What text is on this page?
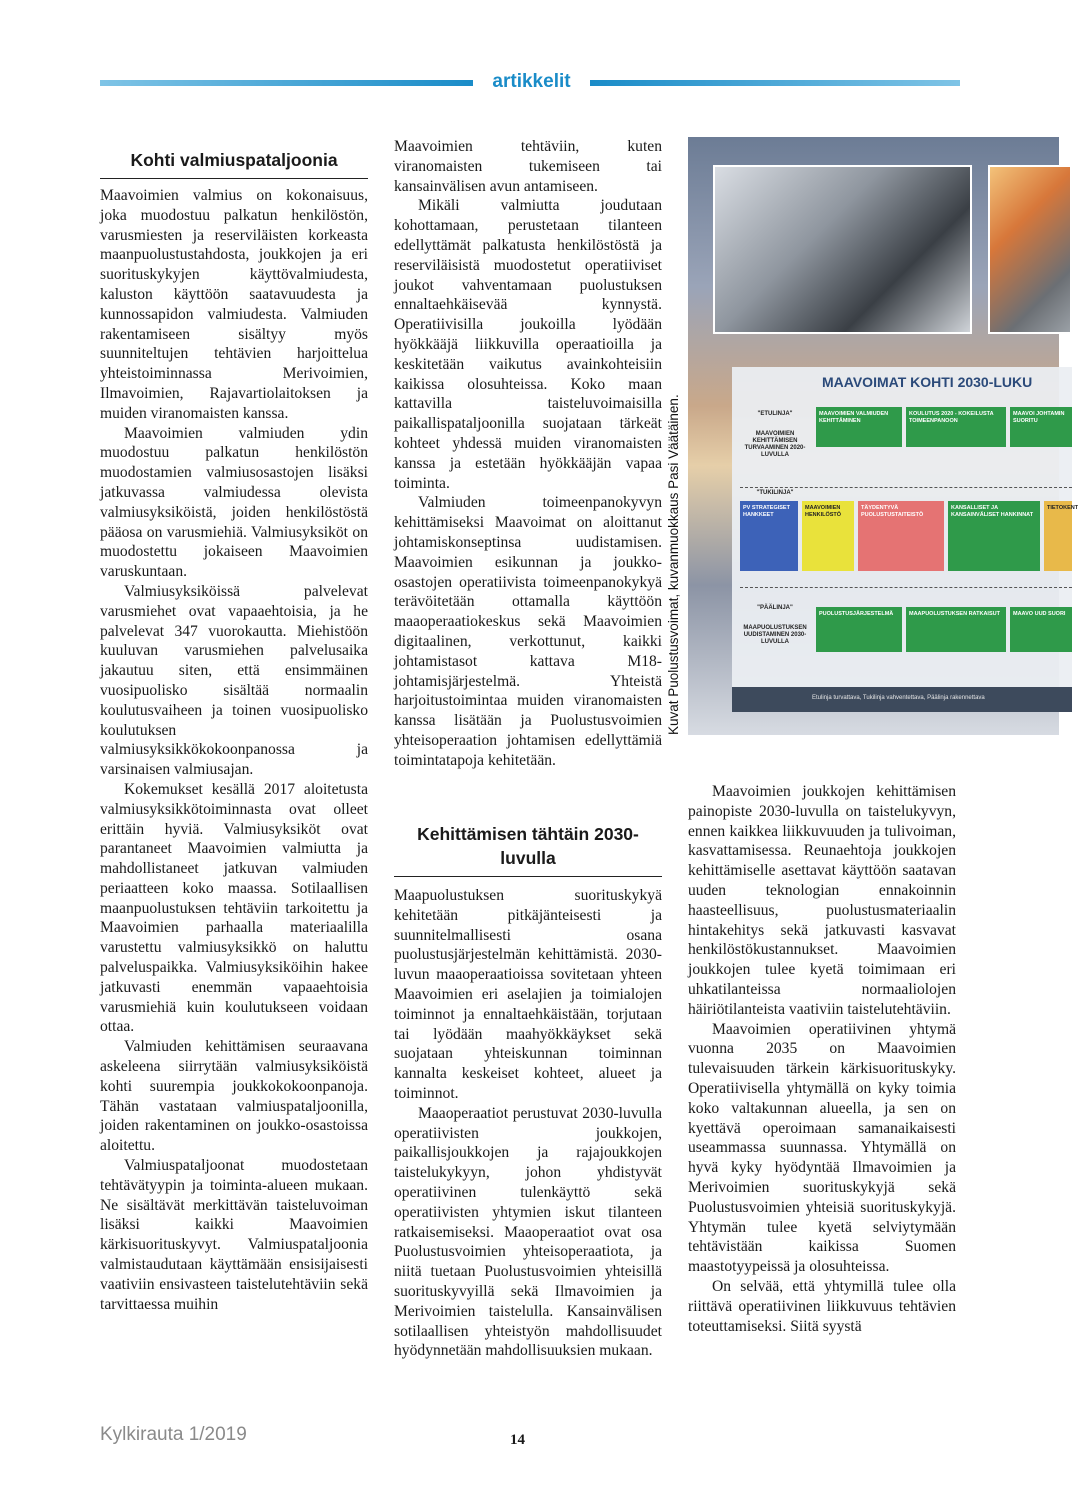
artikkelit
Kohti valmiuspataljoonia

Maavoimien valmius on kokonaisuus, joka muodostuu palkatun henkilöstön, varusmiesten ja reserviläisten korkeasta maanpuolustustahdosta, joukkojen ja eri suorituskykyjen käyttövalmiudesta, kaluston käyttöön saatavuudesta ja kunnossapidon valmiudesta. Valmiuden rakentamiseen sisältyy myös suunniteltujen tehtävien harjoittelua yhteistoiminnassa Merivoimien, Ilmavoimien, Rajavartiolaitoksen ja muiden viranomaisten kanssa.

Maavoimien valmiuden ydin muodostuu palkatun henkilöstön muodostamien valmiusosastojen lisäksi jatkuvassa valmiudessa olevista valmiusyksiköistä, joiden henkilöstöstä pääosa on varusmiehiä. Valmiusyksiköt on muodostettu jokaiseen Maavoimien varuskuntaan.

Valmiusyksiköissä palvelevat varusmiehet ovat vapaaehtoisia, ja he palvelevat 347 vuorokautta. Miehistöön kuuluvan varusmiehen palvelusaika jakautuu siten, että ensimmäinen vuosipuolisko sisältää normaalin koulutusvaiheen ja toinen vuosipuolisko koulutuksen valmiusyksikkökokoonpanossa ja varsinaisen valmiusajan.

Kokemukset kesällä 2017 aloitetusta valmiusyksikkötoiminnasta ovat olleet erittäin hyviä. Valmiusyksiköt ovat parantaneet Maavoimien valmiutta ja mahdollistaneet jatkuvan valmiuden periaatteen koko maassa. Sotilaallisen maanpuolustuksen tehtäviin tarkoitettu ja Maavoimien parhaalla materiaalilla varustettu valmiusyksikkö on haluttu palveluspaikka. Valmiusyksiköihin hakee jatkuvasti enemmän vapaaehtoisia varusmiehiä kuin koulutukseen voidaan ottaa.

Valmiuden kehittämisen seuraavana askeleena siirrytään valmiusyksiköistä kohti suurempia joukkokokoonpanoja. Tähän vastataan valmiuspataljoonilla, joiden rakentaminen on joukko-osastoissa aloitettu.

Valmiuspataljoonat muodostetaan tehtävätyypin ja toiminta-alueen mukaan. Ne sisältävät merkittävän taisteluvoiman lisäksi kaikki Maavoimien kärkisuorituskyvyt. Valmiuspataljoonia valmistaudutaan käyttämään ensisijaisesti vaativiin ensivasteen taistelutehtäviin sekä tarvittaessa muihin

Maavoimien tehtäviin, kuten viranomaisten tukemiseen tai kansainvälisen avun antamiseen.

Mikäli valmiutta joudutaan kohottamaan, perustetaan tilanteen edellyttämät palkatusta henkilöstöstä ja reserviläisistä muodostetut operatiiviset joukot vahventamaan puolustuksen ennaltaehkäisevää kynnystä. Operatiivisilla joukoilla lyödään hyökkääjä liikkuvilla operaatioilla ja keskitetään vaikutus avainkohteisiin kaikissa olosuhteissa. Koko maan kattavilla taisteluvoimaisilla paikallispataljoonilla suojataan tärkeät kohteet yhdessä muiden viranomaisten kanssa ja estetään hyökkääjän vapaa toiminta.

Valmiuden toimeenpanokyvyn kehittämiseksi Maavoimat on aloittanut johtamiskonseptinsa uudistamisen. Maavoimien esikunnan ja joukko-osastojen operatiivista toimeenpanokykyä terävöitetään ottamalla käyttöön maaoperaatiokeskus sekä Maavoimien digitaalinen, verkottunut, kaikki johtamistasot kattava M18-johtamisjärjestelmä. Yhteistä harjoitustoimintaa muiden viranomaisten kanssa lisätään ja Puolustusvoimien yhteisoperaation johtamisen edellyttämiä toimintatapoja kehitetään.

Kehittämisen tähtäin 2030-luvulla

Maapuolustuksen suorituskykyä kehitetään pitkäjänteisesti ja suunnitelmallisesti osana puolustusjärjestelmän kehittämistä. 2030-luvun maaoperaatioissa sovitetaan yhteen Maavoimien eri aselajien ja toimialojen toiminnot ja ennaltaehkäistään, torjutaan tai lyödään maahyökkäykset sekä suojataan yhteiskunnan toiminnan kannalta keskeiset kohteet, alueet ja toiminnot.

Maaoperaatiot perustuvat 2030-luvulla operatiivisten joukkojen, paikallisjoukkojen ja rajajoukkojen taistelukykyyn, johon yhdistyvät operatiivinen tulenkäyttö sekä operatiivisten yhtymien iskut tilanteen ratkaisemiseksi. Maaoperaatiot ovat osa Puolustusvoimien yhteisoperaatiota, ja niitä tuetaan Puolustusvoimien yhteisillä suorituskyvyillä sekä Ilmavoimien ja Merivoimien taistelulla. Kansainvälisen sotilaallisen yhteistyön mahdollisuudet hyödynnetään mahdollisuuksien mukaan.

MAAVOIMAT KOHTI 2030-LUKU
"ETULINJA"
MAAVOIMIEN KEHITTÄMISEN TURVAAMINEN 2020-LUVULLA
MAAVOIMIEN VALMIUDEN KEHITTÄMINEN
KOULUTUS 2020 - KOKEILUSTA TOIMEENPANOON
MAAVOI JOHTAMIN SUORITU
"TUKILINJA"
PV STRATEGISET HANKKEET
MAAVOIMIEN HENKILÖSTÖ
TÄYDENTYVÄ PUOLUSTUSTAITEISTÖ
KANSALLISET JA KANSAINVÄLISET HANKINNAT
TIETOKENT
"PÄÄLINJA"
MAAPUOLUSTUKSEN UUDISTAMINEN 2030-LUVULLA
PUOLUSTUSJÄRJESTELMÄ	MAAPUOLUSTUKSEN RATKAISUT	MAAVO UUD SUORI
Etulinja turvattava, Tukilinja vahventettava, Päälinja rakennettava
Kuvat Puolustusvoimat, kuvanmuokkaus Pasi Väätäinen.

Maavoimien joukkojen kehittämisen painopiste 2030-luvulla on taistelukyvyn, ennen kaikkea liikkuvuuden ja tulivoiman, kasvattamisessa. Reunaehtoja joukkojen kehittämiselle asettavat käyttöön saatavan uuden teknologian ennakoinnin haasteellisuus, puolustusmateriaalin hintakehitys sekä jatkuvasti kasvavat henkilöstökustannukset. Maavoimien joukkojen tulee kyetä toimimaan eri uhkatilanteissa normaaliolojen häiriötilanteista vaativiin taistelutehtäviin.

Maavoimien operatiivinen yhtymä vuonna 2035 on Maavoimien tulevaisuuden tärkein kärkisuorituskyky. Operatiivisella yhtymällä on kyky toimia koko valtakunnan alueella, ja sen on kyettävä operoimaan samanaikaisesti useammassa suunnassa. Yhtymällä on hyvä kyky hyödyntää Ilmavoimien ja Merivoimien suorituskykyjä sekä Puolustusvoimien yhteisiä suorituskykyjä. Yhtymän tulee kyetä selviytymään tehtävistään kaikissa Suomen maastotyypeissä ja olosuhteissa.

On selvää, että yhtymillä tulee olla riittävä operatiivinen liikkuvuus tehtävien toteuttamiseksi. Siitä syystä

Kylkirauta 1/2019	14
